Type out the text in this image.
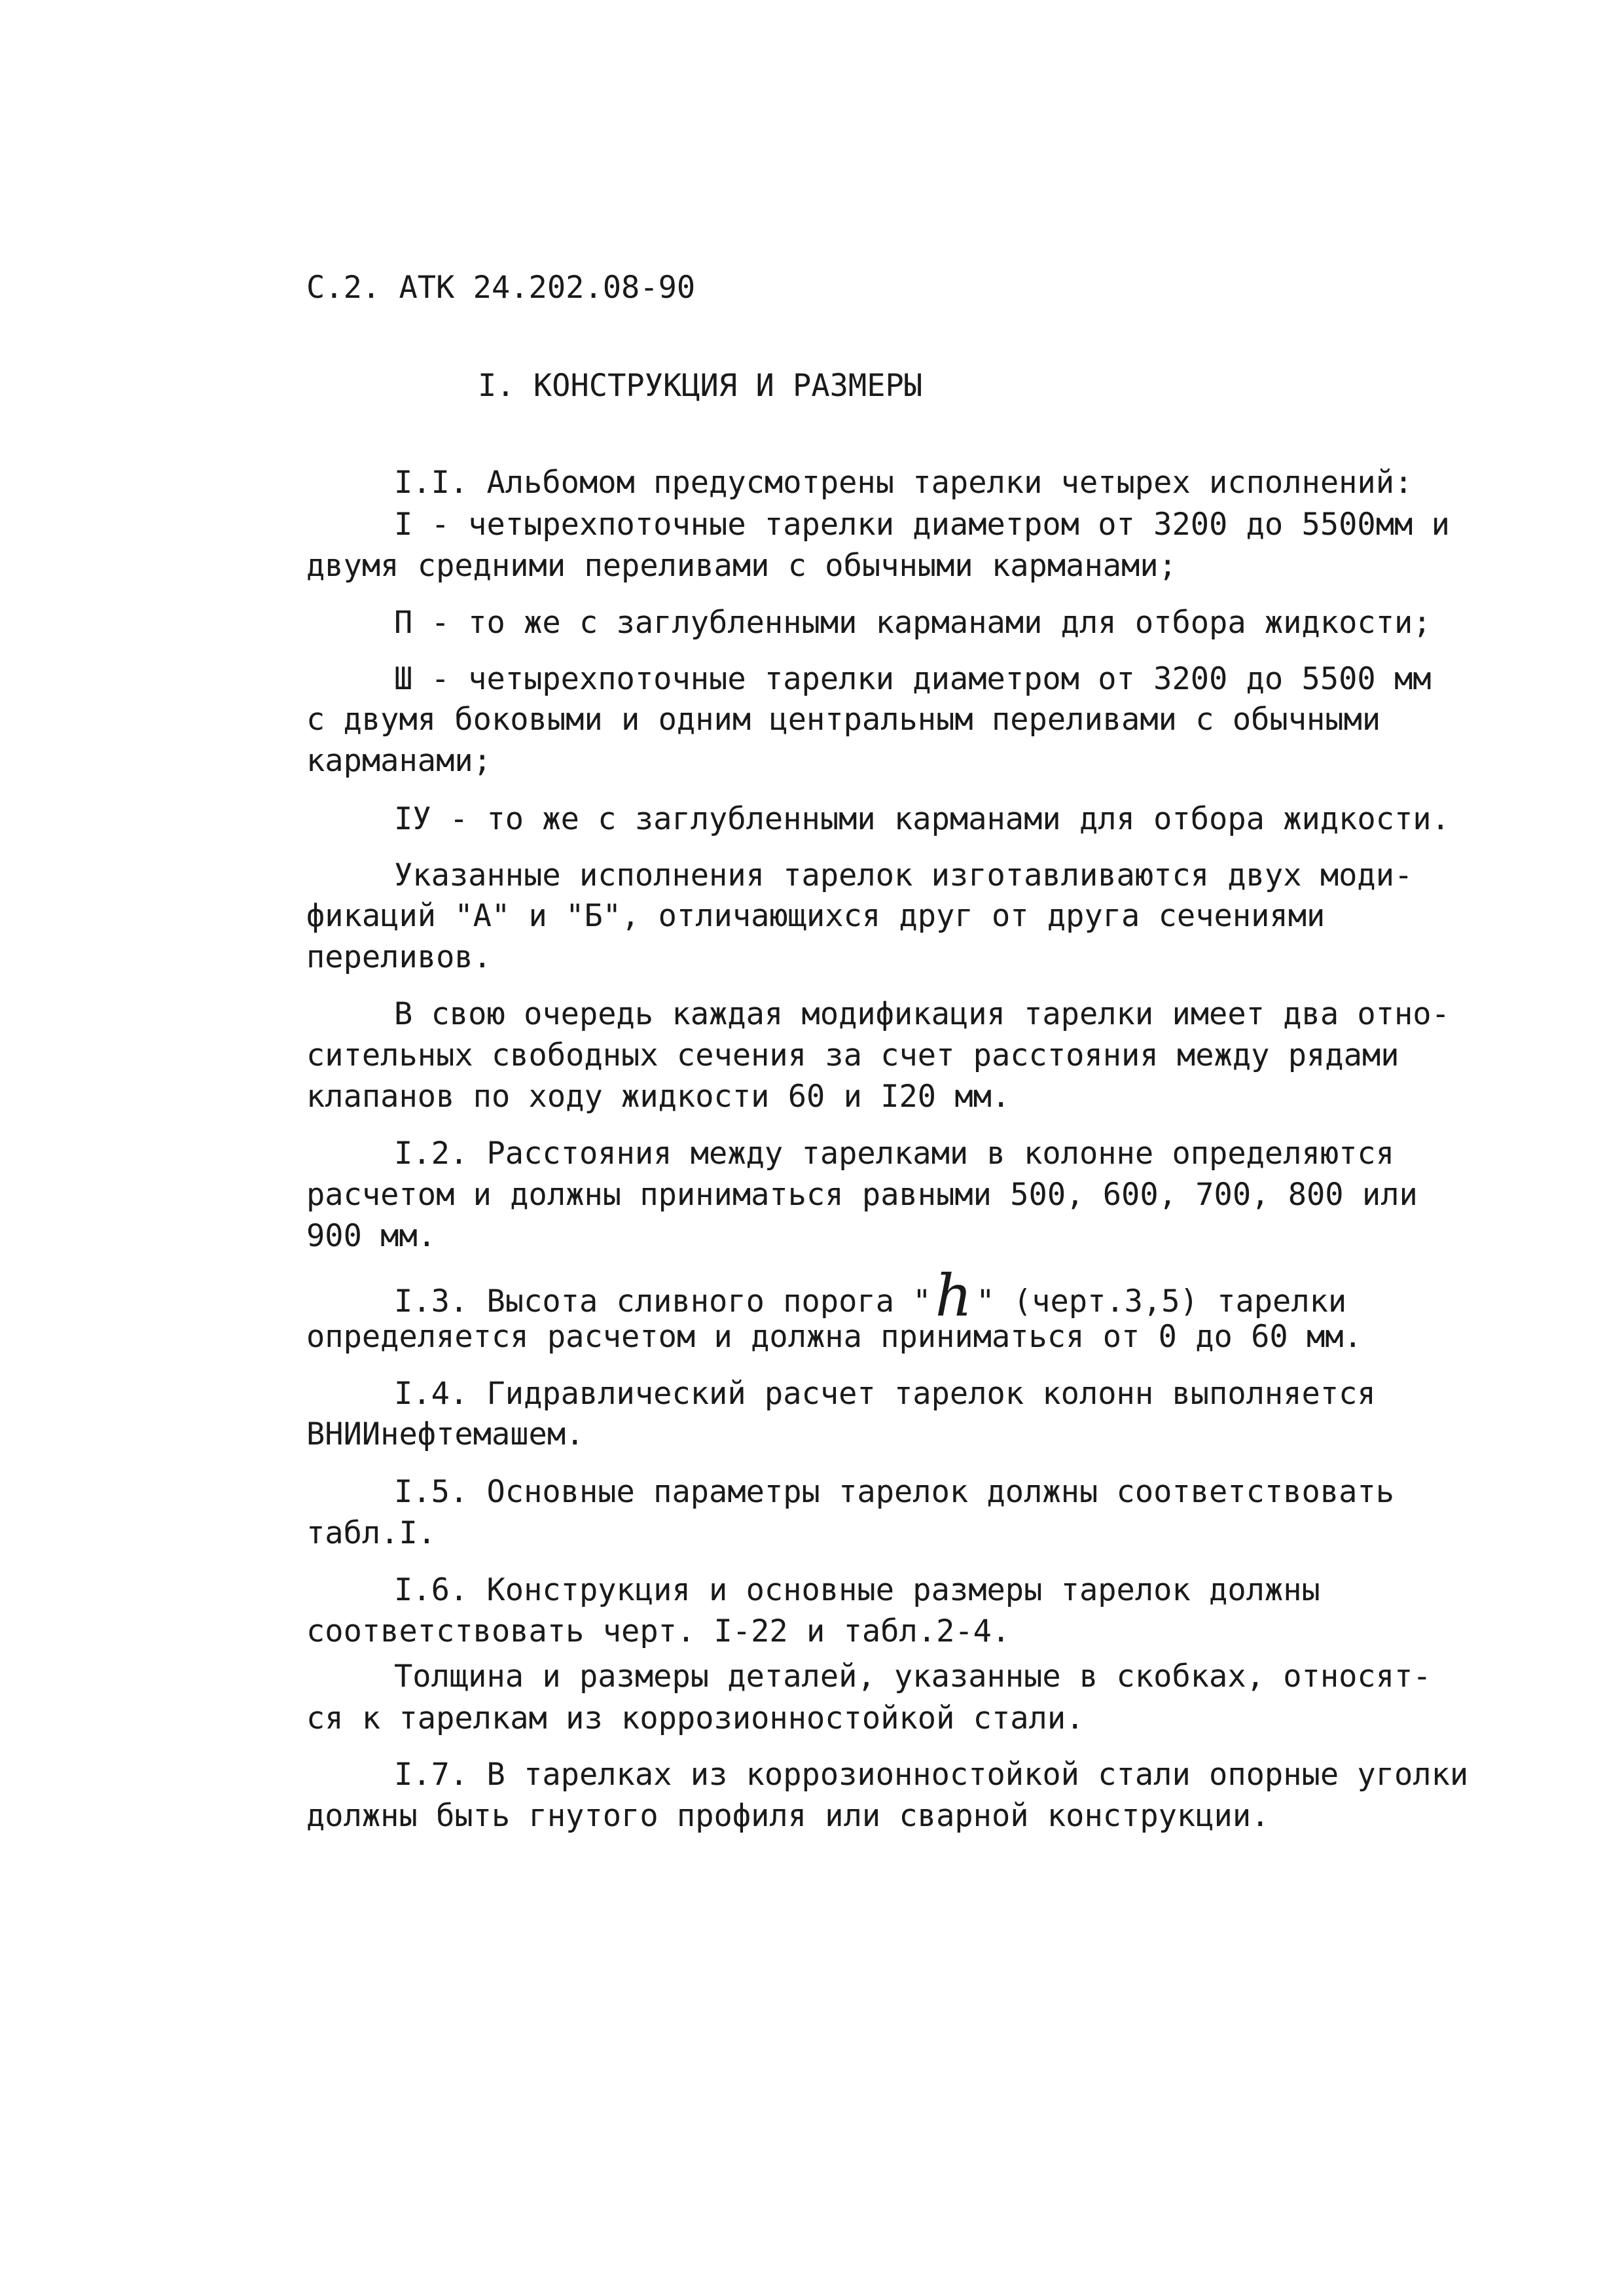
С.2. АТК 24.202.08-90
I. КОНСТРУКЦИЯ И РАЗМЕРЫ
I.I. Альбомом предусмотрены тарелки четырех исполнений:
I - четырехпоточные тарелки диаметром от 3200 до 5500мм и
двумя средними переливами с обычными карманами;
П - то же с заглубленными карманами для отбора жидкости;
Ш - четырехпоточные тарелки диаметром от 3200 до 5500 мм
с двумя боковыми и одним центральным переливами с обычными
карманами;
IУ - то же с заглубленными карманами для отбора жидкости.
Указанные исполнения тарелок изготавливаются двух моди-
фикаций "А" и "Б", отличающихся друг от друга сечениями
переливов.
В свою очередь каждая модификация тарелки имеет два отно-
сительных свободных сечения за счет расстояния между рядами
клапанов по ходу жидкости 60 и I20 мм.
I.2. Расстояния между тарелками в колонне определяются
расчетом и должны приниматься равными 500, 600, 700, 800 или
900 мм.
I.3. Высота сливного порога "h " (черт.3,5) тарелки
определяется расчетом и должна приниматься от 0 до 60 мм.
I.4. Гидравлический расчет тарелок колонн выполняется
ВНИИнефтемашем.
I.5. Основные параметры тарелок должны соответствовать
табл.I.
I.6. Конструкция и основные размеры тарелок должны
соответствовать черт. I-22 и табл.2-4.
Толщина и размеры деталей, указанные в скобках, относят-
ся к тарелкам из коррозионностойкой стали.
I.7. В тарелках из коррозионностойкой стали опорные уголки
должны быть гнутого профиля или сварной конструкции.
